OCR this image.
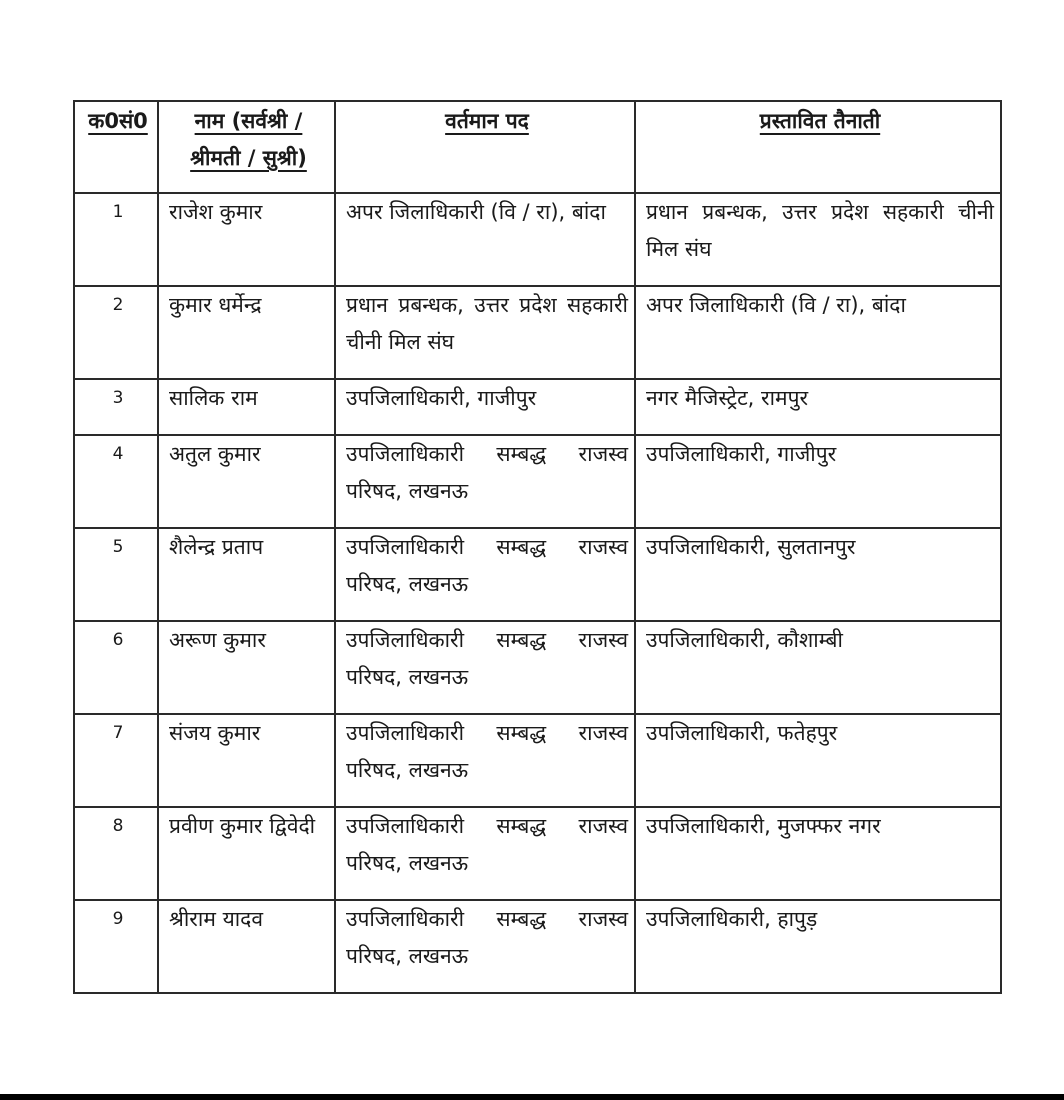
क0सं0	नाम (सर्वश्री / श्रीमती / सुश्री)	वर्तमान पद	प्रस्तावित तैनाती
1	राजेश कुमार	अपर जिलाधिकारी (वि / रा), बांदा	प्रधान प्रबन्धक, उत्तर प्रदेश सहकारी चीनी मिल संघ
2	कुमार धर्मेन्द्र	प्रधान प्रबन्धक, उत्तर प्रदेश सहकारी चीनी मिल संघ	अपर जिलाधिकारी (वि / रा), बांदा
3	सालिक राम	उपजिलाधिकारी, गाजीपुर	नगर मैजिस्ट्रेट, रामपुर
4	अतुल कुमार	उपजिलाधिकारी सम्बद्ध राजस्व परिषद, लखनऊ	उपजिलाधिकारी, गाजीपुर
5	शैलेन्द्र प्रताप	उपजिलाधिकारी सम्बद्ध राजस्व परिषद, लखनऊ	उपजिलाधिकारी, सुलतानपुर
6	अरूण कुमार	उपजिलाधिकारी सम्बद्ध राजस्व परिषद, लखनऊ	उपजिलाधिकारी, कौशाम्बी
7	संजय कुमार	उपजिलाधिकारी सम्बद्ध राजस्व परिषद, लखनऊ	उपजिलाधिकारी, फतेहपुर
8	प्रवीण कुमार द्विवेदी	उपजिलाधिकारी सम्बद्ध राजस्व परिषद, लखनऊ	उपजिलाधिकारी, मुजफ्फर नगर
9	श्रीराम यादव	उपजिलाधिकारी सम्बद्ध राजस्व परिषद, लखनऊ	उपजिलाधिकारी, हापुड़
